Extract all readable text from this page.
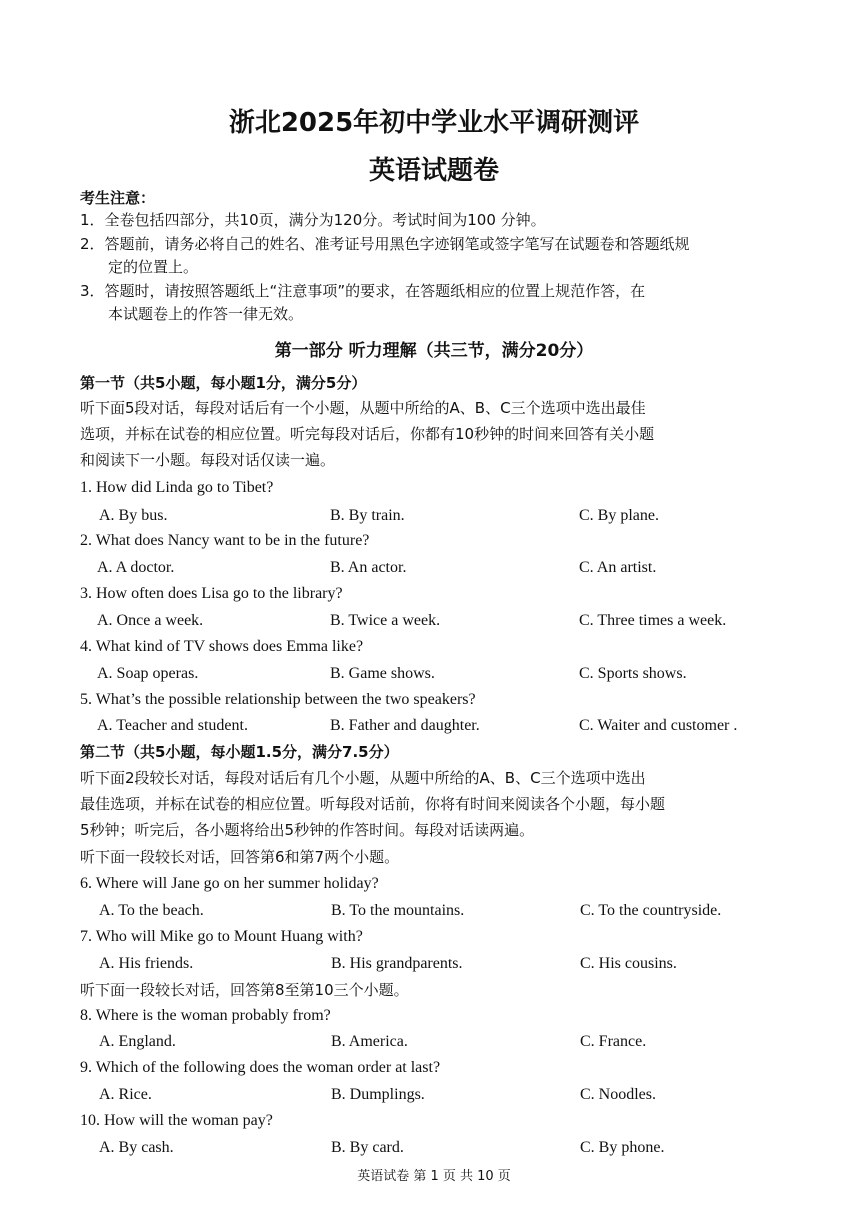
浙北2025年初中学业水平调研测评
英语试题卷
考生注意：
1．全卷包括四部分，共10页，满分为120分。考试时间为100 分钟。
2．答题前，请务必将自己的姓名、准考证号用黑色字迹钢笔或签字笔写在试题卷和答题纸规
定的位置上。
3．答题时，请按照答题纸上“注意事项”的要求，在答题纸相应的位置上规范作答，在
本试题卷上的作答一律无效。
第一部分 听力理解（共三节，满分20分）
第一节（共5小题，每小题1分，满分5分）
听下面5段对话，每段对话后有一个小题，从题中所给的A、B、C三个选项中选出最佳
选项，并标在试卷的相应位置。听完每段对话后，你都有10秒钟的时间来回答有关小题
和阅读下一小题。每段对话仅读一遍。
1. How did Linda go to Tibet?
A. By bus.	B. By train.	C. By plane.
2. What does Nancy want to be in the future?
A. A doctor.	B. An actor.	C. An artist.
3. How often does Lisa go to the library?
A. Once a week.	B. Twice a week.	C. Three times a week.
4. What kind of TV shows does Emma like?
A. Soap operas.	B. Game shows.	C. Sports shows.
5. What’s the possible relationship between the two speakers?
A. Teacher and student.	B. Father and daughter.	C. Waiter and customer .
第二节（共5小题，每小题1.5分，满分7.5分）
听下面2段较长对话，每段对话后有几个小题，从题中所给的A、B、C三个选项中选出
最佳选项，并标在试卷的相应位置。听每段对话前，你将有时间来阅读各个小题，每小题
5秒钟；听完后，各小题将给出5秒钟的作答时间。每段对话读两遍。
听下面一段较长对话，回答第6和第7两个小题。
6. Where will Jane go on her summer holiday?
A. To the beach.	B. To the mountains.	C. To the countryside.
7. Who will Mike go to Mount Huang with?
A. His friends.	B. His grandparents.	C. His cousins.
听下面一段较长对话，回答第8至第10三个小题。
8. Where is the woman probably from?
A. England.	B. America.	C. France.
9. Which of the following does the woman order at last?
A. Rice.	B. Dumplings.	C. Noodles.
10. How will the woman pay?
A. By cash.	B. By card.	C. By phone.
英语试卷 第 1 页 共 10 页
